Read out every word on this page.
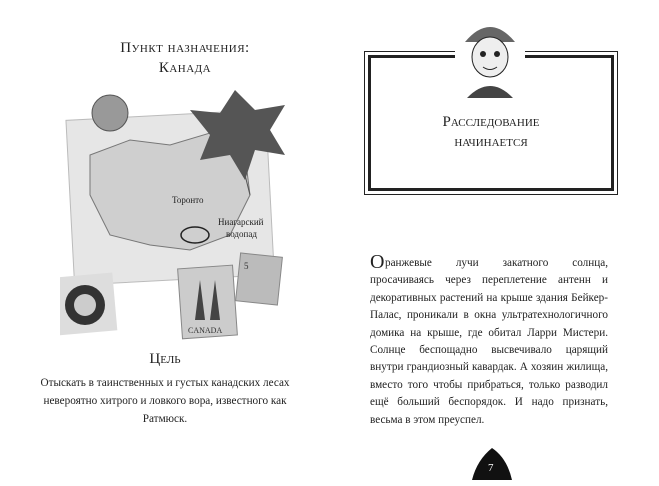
Пункт назначения:
Канада
Торонто
Ниагарский
водопад
CANADA
5
Цель
Отыскать в таинственных и густых канадских лесах невероятно хитрого и ловкого вора, известного как Ратмюск.
Расследование
начинается
О ранжевые лучи закатного солнца, просачиваясь через переплетение антенн и декоративных растений на крыше здания Бейкер-Палас, проникали в окна ультратехнологичного домика на крыше, где обитал Ларри Мистери. Солнце беспощадно высвечивало царящий внутри грандиозный кавардак. А хозяин жилища, вместо того чтобы прибраться, только разводил ещё больший беспорядок. И надо признать, весьма в этом преуспел.
7
